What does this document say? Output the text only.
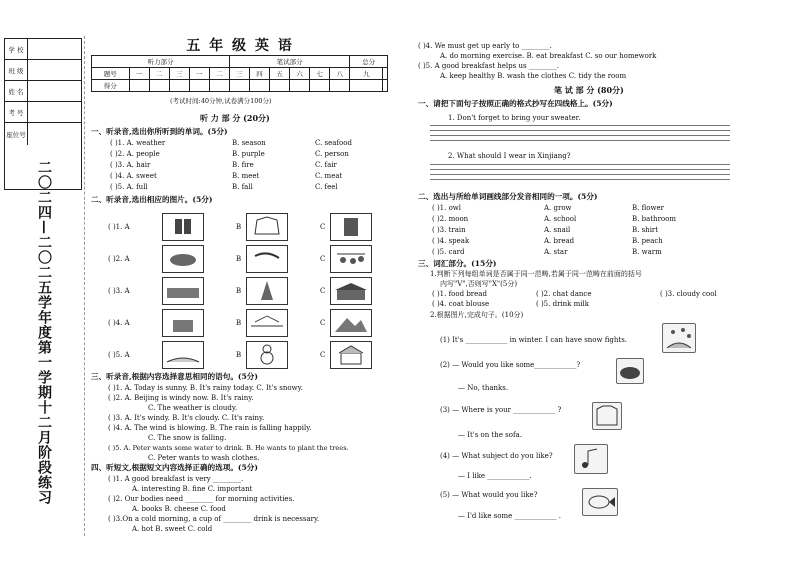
学 校
班 级
姓 名
考 号
座位号
二〇二四—二〇二五学年度第一学期十二月阶段练习
五 年 级 英 语
听力部分						笔试部分						总分	
题号	一	二	三	一	二	三	四	五	六	七	八	九	
得分													
(考试时间:40分钟,试卷满分100分)
听 力 部 分 (20分)
一、听录音,选出你所听到的单词。(5分)
( )1. A. weather	B. season	C. seafood
( )2. A. people	B. purple	C. person
( )3. A. hair	B. fire	C. fair
( )4. A. sweet	B. meet	C. meat
( )5. A. full	B. fall	C. feel
二、听录音,选出相应的图片。(5分)
( )1. A	B	C
( )2. A	B	C
( )3. A	B	C
( )4. A	B	C
( )5. A	B	C
三、听录音,根据内容选择意思相同的语句。(5分)
( )1. A. Today is sunny. B. It's rainy today. C. It's snowy.
( )2. A. Beijing is windy now. B. It's rainy.
C. The weather is cloudy.
( )3. A. It's windy. B. It's cloudy. C. It's rainy.
( )4. A. The wind is blowing. B. The rain is falling happily.
C. The snow is falling.
( )5. A. Peter wants some water to drink. B. He wants to plant the trees.
C. Peter wants to wash clothes.
四、听短文,根据短文内容选择正确的选项。(5分)
( )1. A good breakfast is very ________.
A. interesting B. fine C. important
( )2. Our bodies need ________ for morning activities.
A. books B. cheese C. food
( )3.On a cold morning, a cup of ________ drink is necessary.
A. hot B. sweet C. cold
( )4. We must get up early to ________.
A. do morning exercise. B. eat breakfast C. so our homework
( )5. A good breakfast helps us ________.
A. keep healthy B. wash the clothes C. tidy the room
笔 试 部 分 (80分)
一、请把下面句子按照正确的格式抄写在四线格上。(5分)
1. Don't forget to bring your sweater.
2. What should I wear in Xinjiang?
二、选出与所给单词画线部分发音相同的一项。(5分)
( )1. owl	A. grow	B. flower
( )2. moon	A. school	B. bathroom
( )3. train	A. snail	B. shirt
( )4. speak	A. bread	B. peach
( )5. card	A. star	B. warm
三、词汇部分。(15分)
1.判断下列每组单词是否属于同一范畴,若属于同一范畴在前面的括号
内写"V",否则写"X"(5分)
( )1. food bread	( )2. chat dance	( )3. cloudy cool
( )4. coat blouse	( )5. drink milk
2.根据图片,完成句子。(10分)
(1) It's ____________ in winter. I can have snow fights.
(2) — Would you like some____________?
— No, thanks.
(3) — Where is your ____________ ?
— It's on the sofa.
(4) — What subject do you like?
— I like ____________.
(5) — What would you like?
— I'd like some ____________ .
